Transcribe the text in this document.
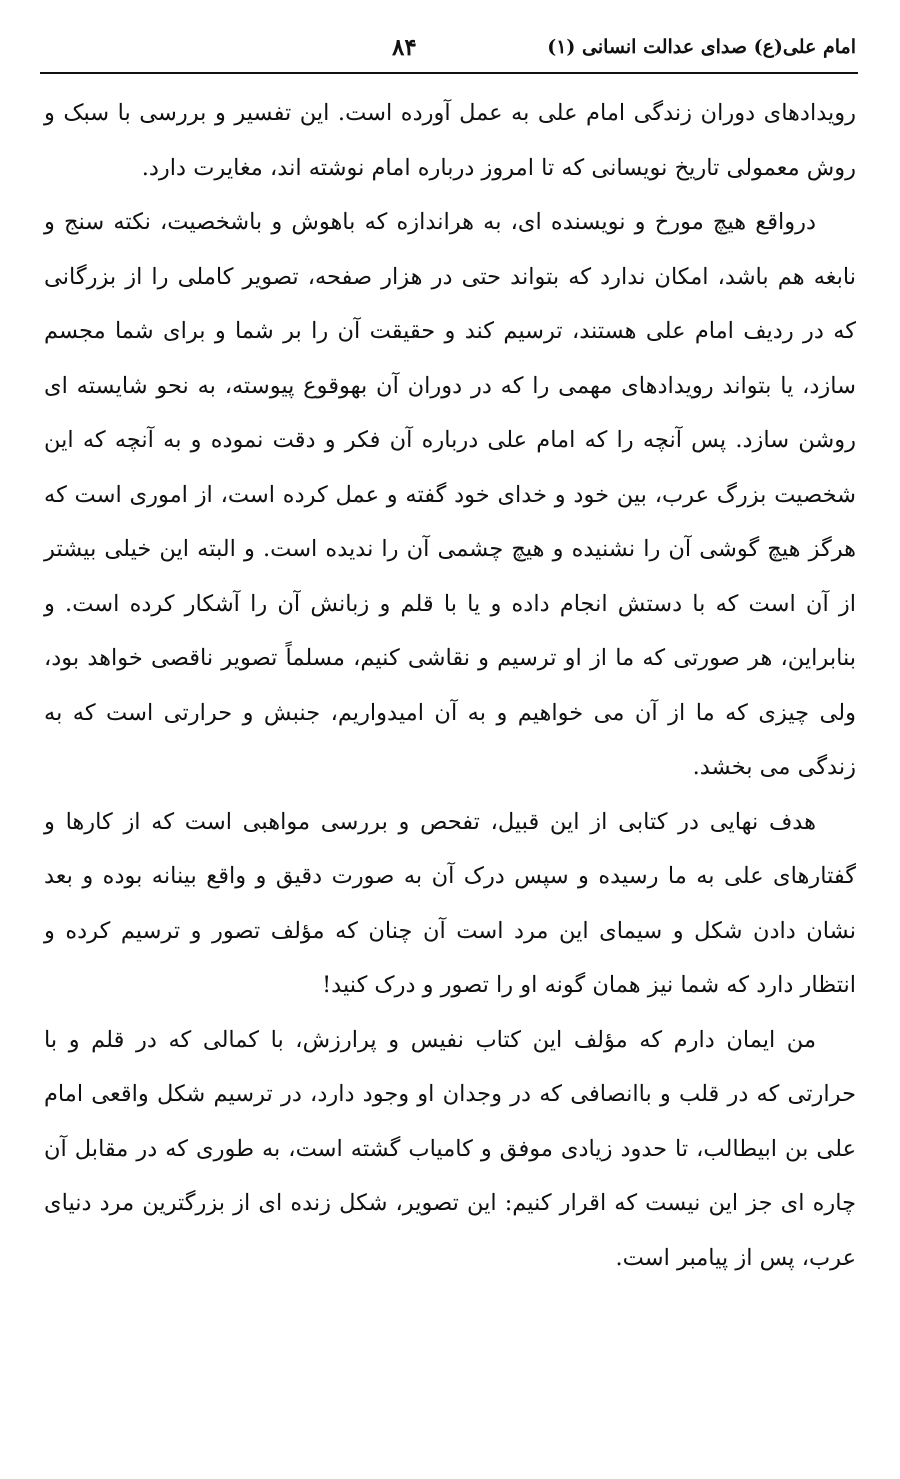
امام علی(ع) صدای عدالت انسانی (۱)
۸۴

رویدادهای دوران زندگی امام علی به عمل آورده است. این تفسیر و بررسی با سبک و روش معمولی تاریخ نویسانی که تا امروز درباره امام نوشته اند، مغایرت دارد.

درواقع هیچ مورخ و نویسنده ای، به هراندازه که باهوش و باشخصیت، نکته سنج و نابغه هم باشد، امکان ندارد که بتواند حتی در هزار صفحه، تصویر کاملی را از بزرگانی که در ردیف امام علی هستند، ترسیم کند و حقیقت آن را بر شما و برای شما مجسم سازد، یا بتواند رویدادهای مهمی را که در دوران آن بهوقوع پیوسته، به نحو شایسته ای روشن سازد. پس آنچه را که امام علی درباره آن فکر و دقت نموده و به آنچه که این شخصیت بزرگ عرب، بین خود و خدای خود گفته و عمل کرده است، از اموری است که هرگز هیچ گوشی آن را نشنیده و هیچ چشمی آن را ندیده است. و البته این خیلی بیشتر از آن است که با دستش انجام داده و یا با قلم و زبانش آن را آشکار کرده است. و بنابراین، هر صورتی که ما از او ترسیم و نقاشی کنیم، مسلماً تصویر ناقصی خواهد بود، ولی چیزی که ما از آن می خواهیم و به آن امیدواریم، جنبش و حرارتی است که به زندگی می بخشد.

هدف نهایی در کتابی از این قبیل، تفحص و بررسی مواهبی است که از کارها و گفتارهای علی به ما رسیده و سپس درک آن به صورت دقیق و واقع بینانه بوده و بعد نشان دادن شکل و سیمای این مرد است آن چنان که مؤلف تصور و ترسیم کرده و انتظار دارد که شما نیز همان گونه او را تصور و درک کنید!

من ایمان دارم که مؤلف این کتاب نفیس و پرارزش، با کمالی که در قلم و با حرارتی که در قلب و باانصافی که در وجدان او وجود دارد، در ترسیم شکل واقعی امام علی بن ابیطالب، تا حدود زیادی موفق و کامیاب گشته است، به طوری که در مقابل آن چاره ای جز این نیست که اقرار کنیم: این تصویر، شکل زنده ای از بزرگترین مرد دنیای عرب، پس از پیامبر است.
